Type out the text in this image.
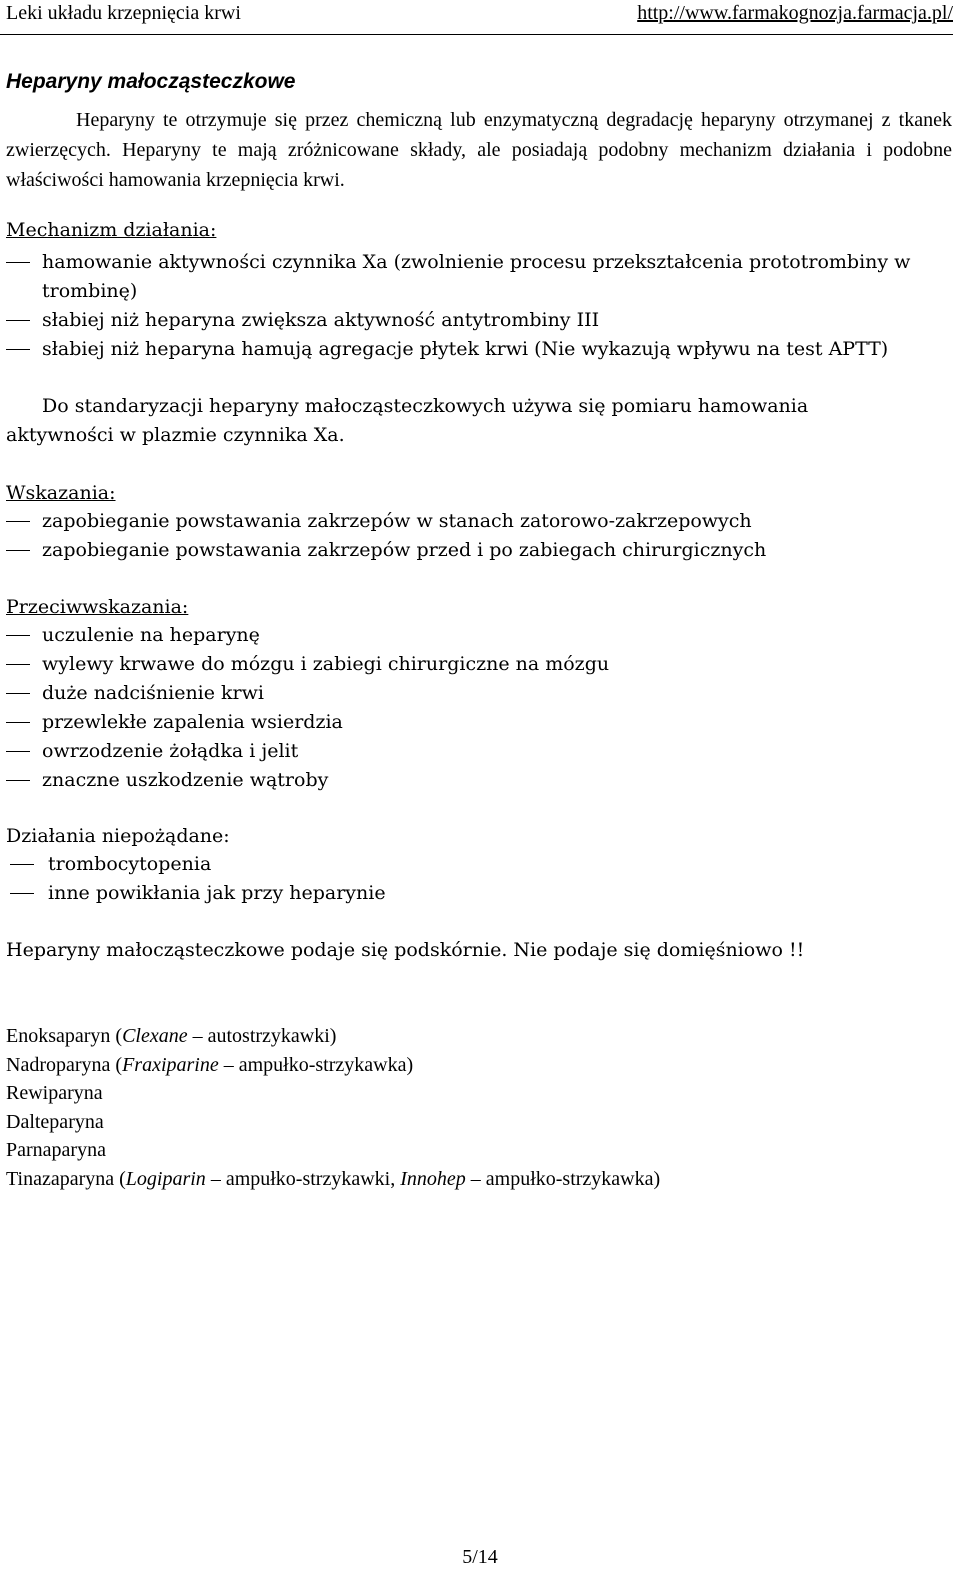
Leki układu krzepnięcia krwi	http://www.farmakognozja.farmacja.pl/
Heparyny małocząsteczkowe

Heparyny te otrzymuje się przez chemiczną lub enzymatyczną degradację heparyny otrzymanej z tkanek zwierzęcych. Heparyny te mają zróżnicowane składy, ale posiadają podobny mechanizm działania i podobne właściwości hamowania krzepnięcia krwi.

Mechanizm działania:
hamowanie aktywności czynnika Xa (zwolnienie procesu przekształcenia prototrombiny w trombinę)
słabiej niż heparyna zwiększa aktywność antytrombiny III
słabiej niż heparyna hamują agregacje płytek krwi (Nie wykazują wpływu na test APTT)

Do standaryzacji heparyny małocząsteczkowych używa się pomiaru hamowania aktywności w plazmie czynnika Xa.

Wskazania:
zapobieganie powstawania zakrzepów w stanach zatorowo-zakrzepowych
zapobieganie powstawania zakrzepów przed i po zabiegach chirurgicznych
Przeciwwskazania:
uczulenie na heparynę
wylewy krwawe do mózgu i zabiegi chirurgiczne na mózgu
duże nadciśnienie krwi
przewlekłe zapalenia wsierdzia
owrzodzenie żołądka i jelit
znaczne uszkodzenie wątroby
Działania niepożądane:
trombocytopenia
inne powikłania jak przy heparynie

Heparyny małocząsteczkowe podaje się podskórnie. Nie podaje się domięśniowo !!

Enoksaparyn (Clexane – autostrzykawki)
Nadroparyna (Fraxiparine – ampułko-strzykawka)
Rewiparyna
Dalteparyna
Parnaparyna
Tinazaparyna (Logiparin – ampułko-strzykawki, Innohep – ampułko-strzykawka)
5/14
